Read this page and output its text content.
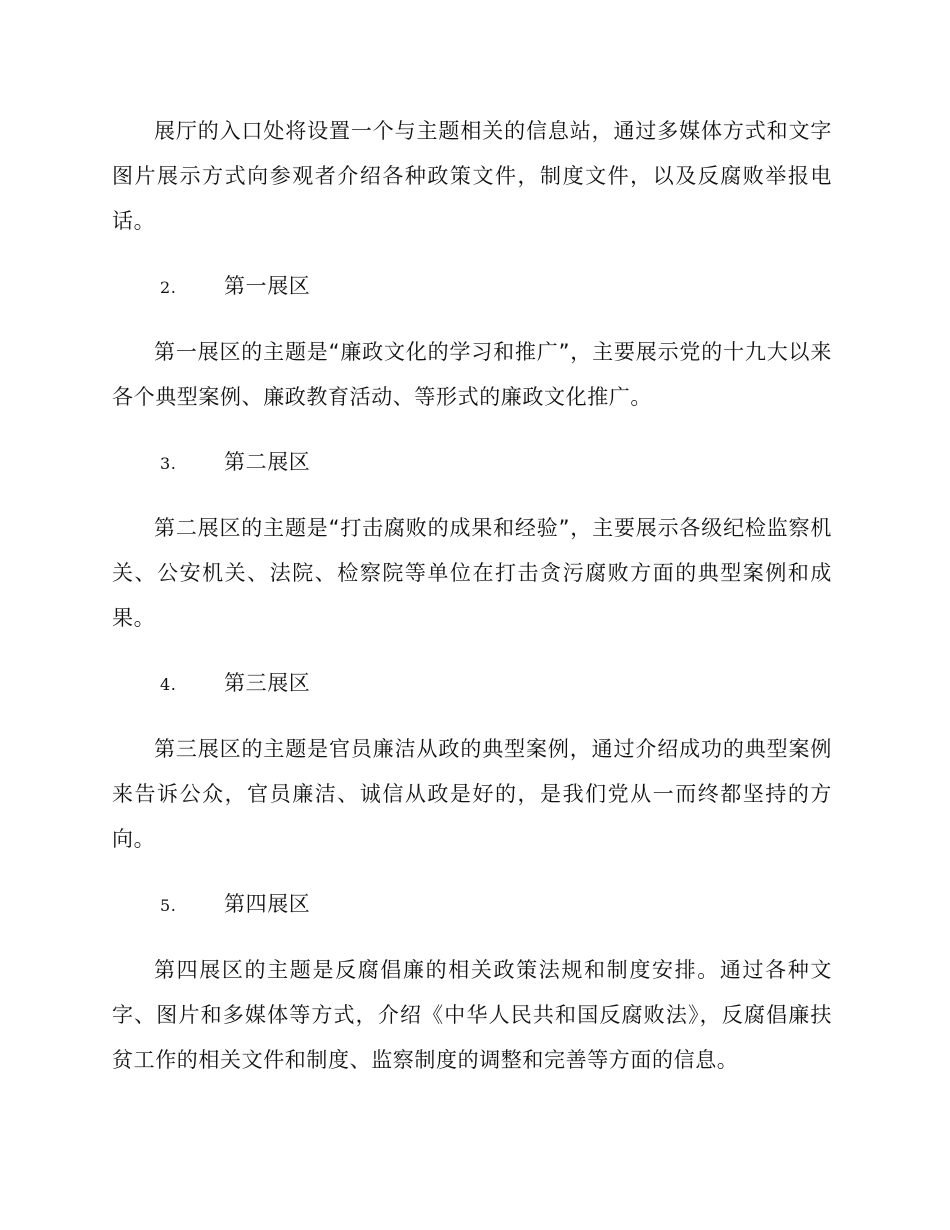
展厅的入口处将设置一个与主题相关的信息站，通过多媒体方式和文字图片展示方式向参观者介绍各种政策文件，制度文件，以及反腐败举报电话。

2. 第一展区

第一展区的主题是“廉政文化的学习和推广”，主要展示党的十九大以来各个典型案例、廉政教育活动、等形式的廉政文化推广。

3. 第二展区

第二展区的主题是“打击腐败的成果和经验”，主要展示各级纪检监察机关、公安机关、法院、检察院等单位在打击贪污腐败方面的典型案例和成果。

4. 第三展区

第三展区的主题是官员廉洁从政的典型案例，通过介绍成功的典型案例来告诉公众，官员廉洁、诚信从政是好的，是我们党从一而终都坚持的方向。

5. 第四展区

第四展区的主题是反腐倡廉的相关政策法规和制度安排。通过各种文字、图片和多媒体等方式，介绍《中华人民共和国反腐败法》，反腐倡廉扶贫工作的相关文件和制度、监察制度的调整和完善等方面的信息。
